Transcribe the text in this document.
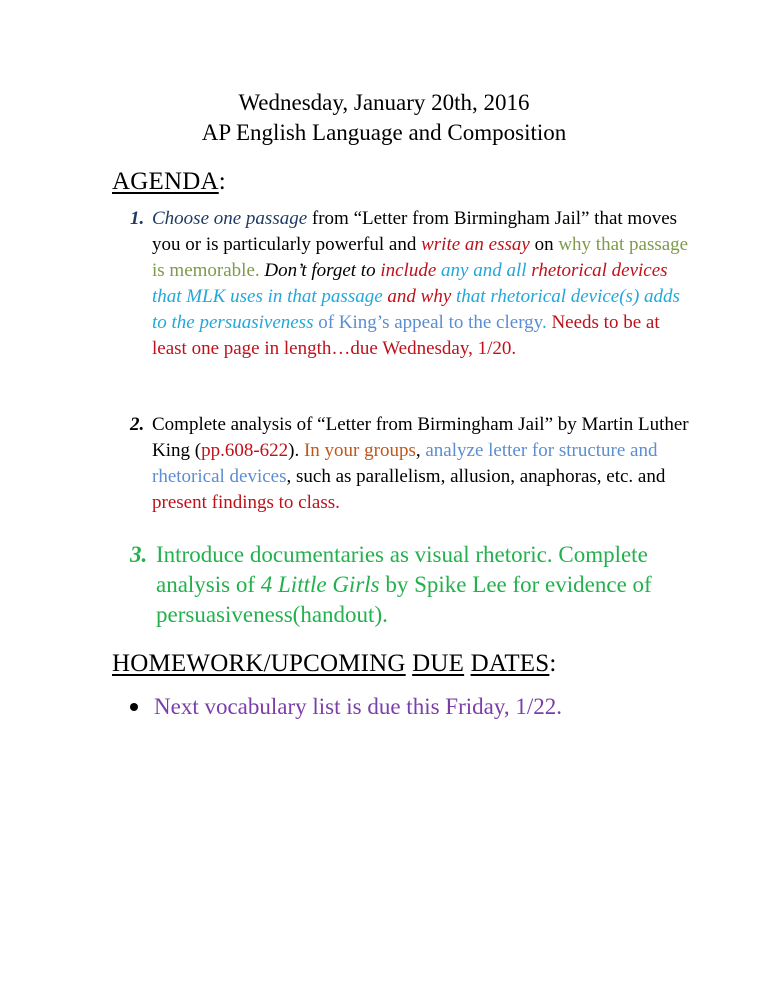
Wednesday, January 20th, 2016
AP English Language and Composition
AGENDA:
1. Choose one passage from “Letter from Birmingham Jail” that moves you or is particularly powerful and write an essay on why that passage is memorable. Don’t forget to include any and all rhetorical devices that MLK uses in that passage and why that rhetorical device(s) adds to the persuasiveness of King’s appeal to the clergy. Needs to be at least one page in length…due Wednesday, 1/20.
2. Complete analysis of “Letter from Birmingham Jail” by Martin Luther King (pp.608-622). In your groups, analyze letter for structure and rhetorical devices, such as parallelism, allusion, anaphoras, etc. and present findings to class.
3. Introduce documentaries as visual rhetoric. Complete analysis of 4 Little Girls by Spike Lee for evidence of persuasiveness(handout).
HOMEWORK/UPCOMING DUE DATES:
Next vocabulary list is due this Friday, 1/22.
